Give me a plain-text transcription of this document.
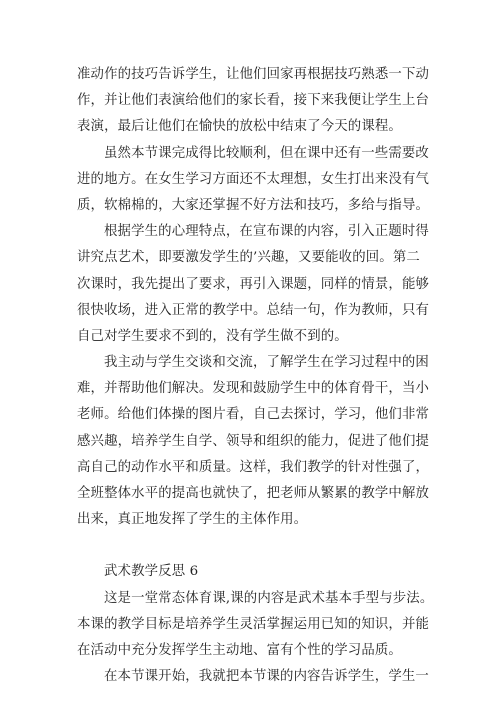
准动作的技巧告诉学生，让他们回家再根据技巧熟悉一下动
作，并让他们表演给他们的家长看，接下来我便让学生上台
表演，最后让他们在愉快的放松中结束了今天的课程。
虽然本节课完成得比较顺利，但在课中还有一些需要改
进的地方。在女生学习方面还不太理想，女生打出来没有气
质，软棉棉的，大家还掌握不好方法和技巧，多给与指导。
根据学生的心理特点，在宣布课的内容，引入正题时得
讲究点艺术，即要激发学生的’兴趣，又要能收的回。第二
次课时，我先提出了要求，再引入课题，同样的情景，能够
很快收场，进入正常的教学中。总结一句，作为教师，只有
自己对学生要求不到的，没有学生做不到的。
我主动与学生交谈和交流，了解学生在学习过程中的困
难，并帮助他们解决。发现和鼓励学生中的体育骨干，当小
老师。给他们体操的图片看，自己去探讨，学习，他们非常
感兴趣，培养学生自学、领导和组织的能力，促进了他们提
高自己的动作水平和质量。这样，我们教学的针对性强了，
全班整体水平的提高也就快了，把老师从繁累的教学中解放
出来，真正地发挥了学生的主体作用。
武术教学反思 6
这是一堂常态体育课,课的内容是武术基本手型与步法。
本课的教学目标是培养学生灵活掌握运用已知的知识，并能
在活动中充分发挥学生主动地、富有个性的学习品质。
在本节课开始，我就把本节课的内容告诉学生，学生一
